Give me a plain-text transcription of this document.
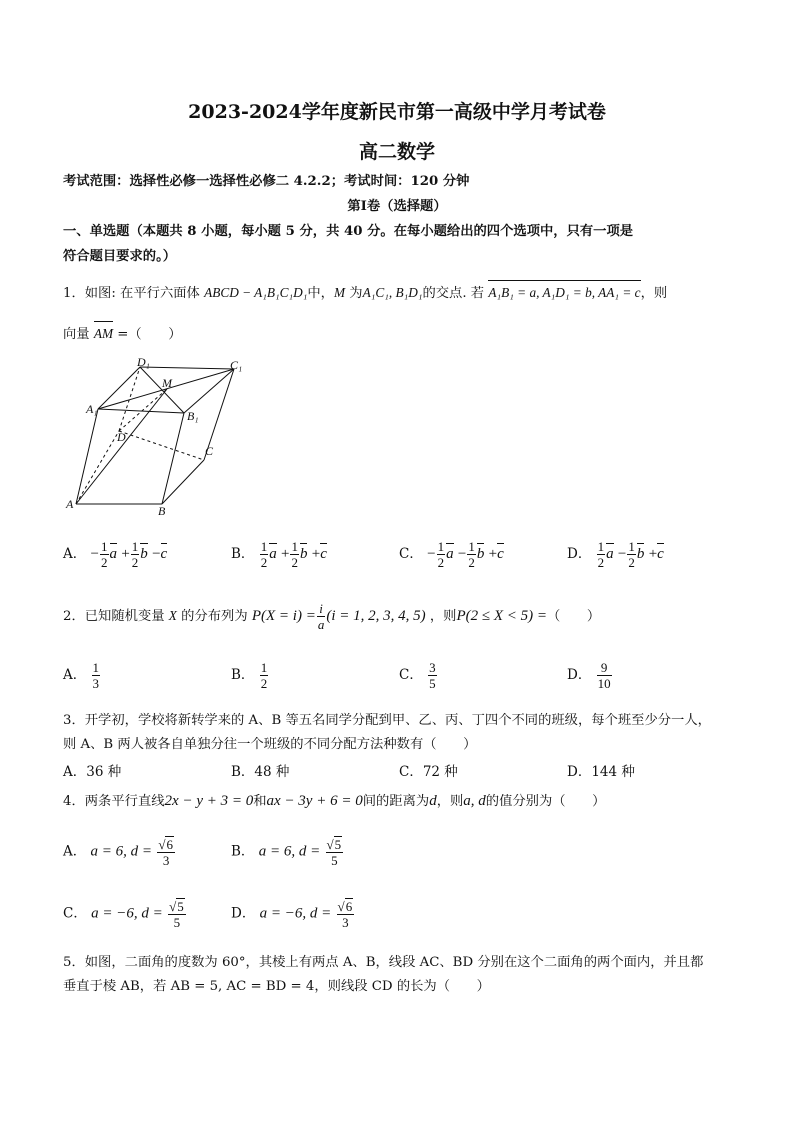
2023-2024学年度新民市第一高级中学月考试卷
高二数学
考试范围：选择性必修一选择性必修二 4.2.2；考试时间：120 分钟
第Ⅰ卷（选择题）
一、单选题（本题共 8 小题，每小题 5 分，共 40 分。在每小题给出的四个选项中，只有一项是
符合题目要求的。）
1．如图: 在平行六面体 ABCD − A₁B₁C₁D₁中，M 为A₁C₁, B₁D₁的交点. 若 A₁B₁ = a, A₁D₁ = b, AA₁ = c，则
向量 AM =（　　）
D₁	C₁
M
A₁	B₁
D
C
A	B
A． − $\frac{1}{2}$ $a + \frac{1}{2}$ b −c	B． $\frac{1}{2}$ $a + \frac{1}{2}$ b +c	C． − $\frac{1}{2}$ $a - \frac{1}{2}$ b +c	D． $\frac{1}{2}$ $a - \frac{1}{2}$ b +c
2．已知随机变量 X 的分布列为 $P(X = i) = \frac{i}{a} (i = 1$, 2, 3, 4, 5) ，则P(2 ≤ X < 5) =（　　）
A． $\frac{1}{3}$	B． $\frac{1}{2}$	C． $\frac{3}{5}$	D． $\frac{9}{10}$
3．开学初，学校将新转学来的 A、B 等五名同学分配到甲、乙、丙、丁四个不同的班级，每个班至少分一人，
则 A、B 两人被各自单独分往一个班级的不同分配方法种数有（　　）
A．36 种	B．48 种	C．72 种	D．144 种
4．两条平行直线2x − y + 3 = 0和ax − 3y + 6 = 0间的距离为d，则a, d的值分别为（　　）
A． a = 6, $d = \frac{√6}{3}$	B． a = 6, $d = \frac{√5}{5}$
C． a = −6, $d = \frac{√5}{5}$	D． a = −6, $d = \frac{√6}{3}$
5．如图，二面角的度数为 60°，其棱上有两点 A、B，线段 AC、BD 分别在这个二面角的两个面内，并且都
垂直于棱 AB，若 AB = 5, AC = BD = 4，则线段 CD 的长为（　　）
